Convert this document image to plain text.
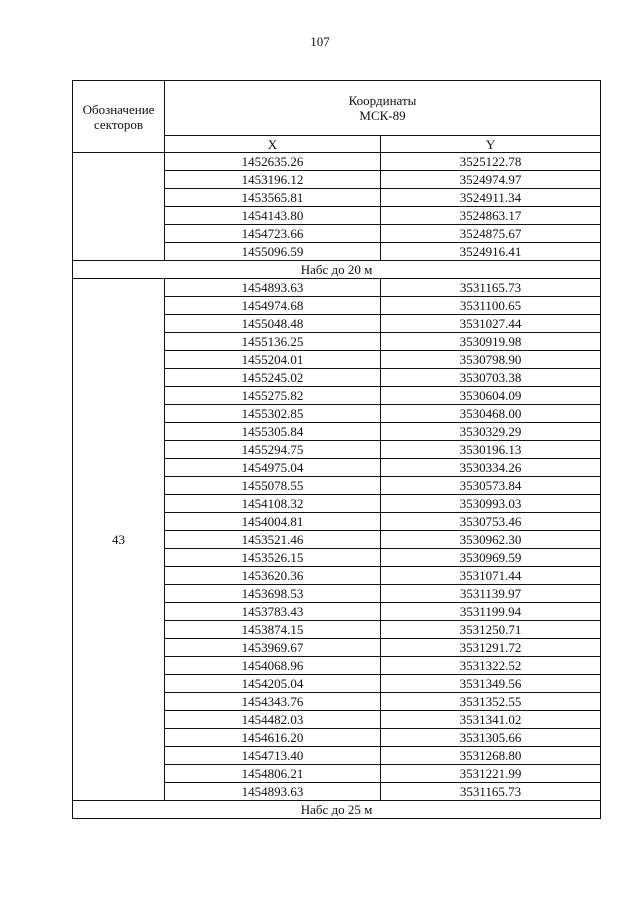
107
Обозначение секторов	Координаты
МСК-89	

	X	Y
	1452635.26	3525122.78
	1453196.12	3524974.97
	1453565.81	3524911.34
	1454143.80	3524863.17
	1454723.66	3524875.67
	1455096.59	3524916.41
Набс до 20 м		
43	1454893.63	3531165.73
	1454974.68	3531100.65
	1455048.48	3531027.44
	1455136.25	3530919.98
	1455204.01	3530798.90
	1455245.02	3530703.38
	1455275.82	3530604.09
	1455302.85	3530468.00
	1455305.84	3530329.29
	1455294.75	3530196.13
	1454975.04	3530334.26
	1455078.55	3530573.84
	1454108.32	3530993.03
	1454004.81	3530753.46
	1453521.46	3530962.30
	1453526.15	3530969.59
	1453620.36	3531071.44
	1453698.53	3531139.97
	1453783.43	3531199.94
	1453874.15	3531250.71
	1453969.67	3531291.72
	1454068.96	3531322.52
	1454205.04	3531349.56
	1454343.76	3531352.55
	1454482.03	3531341.02
	1454616.20	3531305.66
	1454713.40	3531268.80
	1454806.21	3531221.99
	1454893.63	3531165.73
Набс до 25 м		
